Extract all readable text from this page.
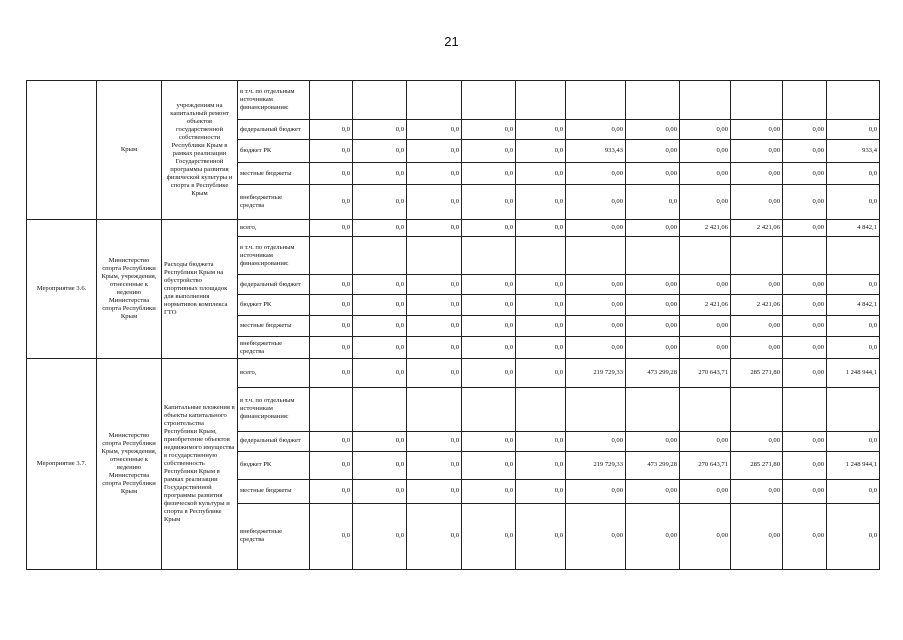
21
	Крым	учреждениям на капитальный ремонт объектов государственной собственности Республики Крым в рамках реализации Государственной программы развития физической культуры и спорта в Республике Крым	в т.ч. по отдельным источникам финансирования:											
			федеральный бюджет	0,0	0,0	0,0	0,0	0,0	0,00	0,00	0,00	0,00	0,00	0,0
			бюджет РК	0,0	0,0	0,0	0,0	0,0	933,43	0,00	0,00	0,00	0,00	933,4
			местные бюджеты	0,0	0,0	0,0	0,0	0,0	0,00	0,00	0,00	0,00	0,00	0,0
			внебюджетные средства	0,0	0,0	0,0	0,0	0,0	0,00	0,0	0,00	0,00	0,00	0,0
Мероприятие 3.6.	Министерство спорта Республики Крым, учреждения, отнесенные к ведению Министерства спорта Республики Крым	Расходы бюджета Республики Крым на обустройство спортивных площадок для выполнения нормативов комплекса ГТО	всего,	0,0	0,0	0,0	0,0	0,0	0,00	0,00	2 421,06	2 421,06	0,00	4 842,1
			в т.ч. по отдельным источникам финансирования:											
			федеральный бюджет	0,0	0,0	0,0	0,0	0,0	0,00	0,00	0,00	0,00	0,00	0,0
			бюджет РК	0,0	0,0	0,0	0,0	0,0	0,00	0,00	2 421,06	2 421,06	0,00	4 842,1
			местные бюджеты	0,0	0,0	0,0	0,0	0,0	0,00	0,00	0,00	0,00	0,00	0,0
			внебюджетные средства	0,0	0,0	0,0	0,0	0,0	0,00	0,00	0,00	0,00	0,00	0,0
Мероприятие 3.7.	Министерство спорта Республики Крым, учреждения, отнесенные к ведению Министерства спорта Республики Крым	Капитальные вложения в объекты капитального строительства Республики Крым, приобретение объектов недвижимого имущества в государственную собственность Республики Крым в рамках реализации Государственной программы развития физической культуры и спорта в Республике Крым	всего,	0,0	0,0	0,0	0,0	0,0	219 729,33	473 299,28	270 643,71	285 271,80	0,00	1 248 944,1
			в т.ч. по отдельным источникам финансирования:											
			федеральный бюджет	0,0	0,0	0,0	0,0	0,0	0,00	0,00	0,00	0,00	0,00	0,0
			бюджет РК	0,0	0,0	0,0	0,0	0,0	219 729,33	473 299,28	270 643,71	285 271,80	0,00	1 248 944,1
			местные бюджеты	0,0	0,0	0,0	0,0	0,0	0,00	0,00	0,00	0,00	0,00	0,0
			внебюджетные средства	0,0	0,0	0,0	0,0	0,0	0,00	0,00	0,00	0,00	0,00	0,0
